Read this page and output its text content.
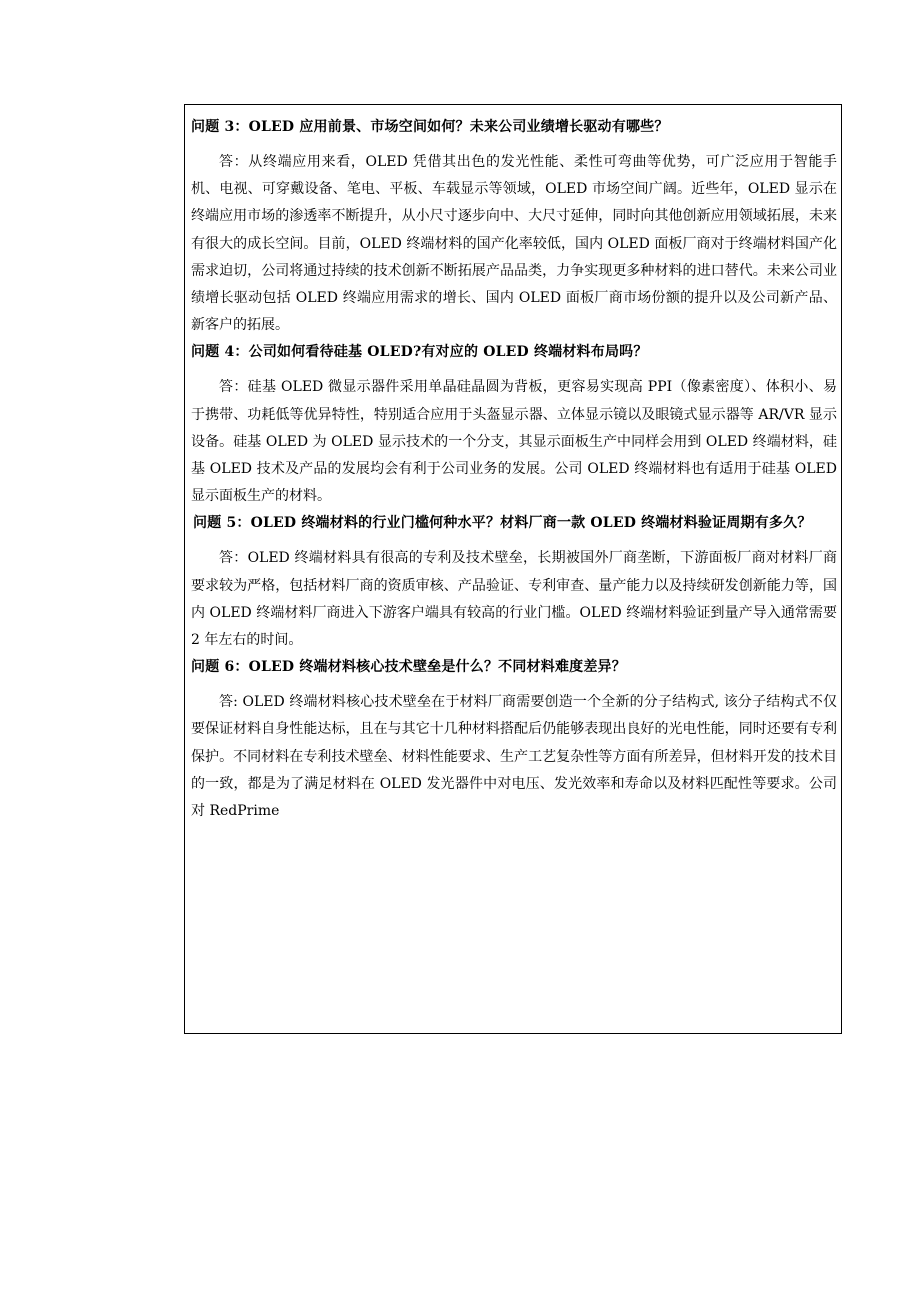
问题 3：OLED 应用前景、市场空间如何？未来公司业绩增长驱动有哪些？

答：从终端应用来看，OLED 凭借其出色的发光性能、柔性可弯曲等优势，可广泛应用于智能手机、电视、可穿戴设备、笔电、平板、车载显示等领域，OLED 市场空间广阔。近些年，OLED 显示在终端应用市场的渗透率不断提升，从小尺寸逐步向中、大尺寸延伸，同时向其他创新应用领域拓展，未来有很大的成长空间。目前，OLED 终端材料的国产化率较低，国内 OLED 面板厂商对于终端材料国产化需求迫切，公司将通过持续的技术创新不断拓展产品品类，力争实现更多种材料的进口替代。未来公司业绩增长驱动包括 OLED 终端应用需求的增长、国内 OLED 面板厂商市场份额的提升以及公司新产品、新客户的拓展。

问题 4：公司如何看待硅基 OLED?有对应的 OLED 终端材料布局吗？

答：硅基 OLED 微显示器件采用单晶硅晶圆为背板，更容易实现高 PPI（像素密度）、体积小、易于携带、功耗低等优异特性，特别适合应用于头盔显示器、立体显示镜以及眼镜式显示器等 AR/VR 显示设备。硅基 OLED 为 OLED 显示技术的一个分支，其显示面板生产中同样会用到 OLED 终端材料，硅基 OLED 技术及产品的发展均会有利于公司业务的发展。公司 OLED 终端材料也有适用于硅基 OLED 显示面板生产的材料。

问题 5：OLED 终端材料的行业门槛何种水平？材料厂商一款 OLED 终端材料验证周期有多久？

答：OLED 终端材料具有很高的专利及技术壁垒，长期被国外厂商垄断，下游面板厂商对材料厂商要求较为严格，包括材料厂商的资质审核、产品验证、专利审查、量产能力以及持续研发创新能力等，国内 OLED 终端材料厂商进入下游客户端具有较高的行业门槛。OLED 终端材料验证到量产导入通常需要 2 年左右的时间。

问题 6：OLED 终端材料核心技术壁垒是什么？不同材料难度差异？

答: OLED 终端材料核心技术壁垒在于材料厂商需要创造一个全新的分子结构式, 该分子结构式不仅要保证材料自身性能达标，且在与其它十几种材料搭配后仍能够表现出良好的光电性能，同时还要有专利保护。不同材料在专利技术壁垒、材料性能要求、生产工艺复杂性等方面有所差异，但材料开发的技术目的一致，都是为了满足材料在 OLED 发光器件中对电压、发光效率和寿命以及材料匹配性等要求。公司对 RedPrime
